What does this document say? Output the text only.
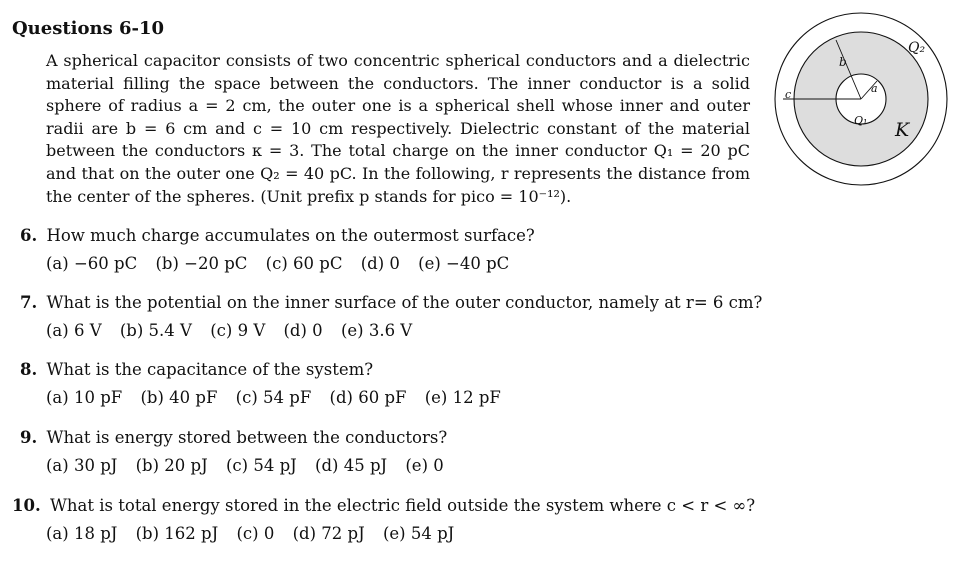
Questions 6-10

A spherical capacitor consists of two concentric spherical conductors and a dielectric material filling the space between the conductors. The inner conductor is a solid sphere of radius a = 2 cm, the outer one is a spherical shell whose inner and outer radii are b = 6 cm and c = 10 cm respectively. Dielectric constant of the material between the conductors κ = 3. The total charge on the inner conductor Q₁ = 20 pC and that on the outer one Q₂ = 40 pC. In the following, r represents the distance from the center of the spheres. (Unit prefix p stands for pico = 10⁻¹²).

6. How much charge accumulates on the outermost surface?
(a) −60 pC (b) −20 pC (c) 60 pC (d) 0 (e) −40 pC
7. What is the potential on the inner surface of the outer conductor, namely at r= 6 cm?
(a) 6 V (b) 5.4 V (c) 9 V (d) 0 (e) 3.6 V
8. What is the capacitance of the system?
(a) 10 pF (b) 40 pF (c) 54 pF (d) 60 pF (e) 12 pF
9. What is energy stored between the conductors?
(a) 30 pJ (b) 20 pJ (c) 54 pJ (d) 45 pJ (e) 0
10. What is total energy stored in the electric field outside the system where c < r < ∞?
(a) 18 pJ (b) 162 pJ (c) 0 (d) 72 pJ (e) 54 pJ
Q₂
b
a
c
Q₁ K
